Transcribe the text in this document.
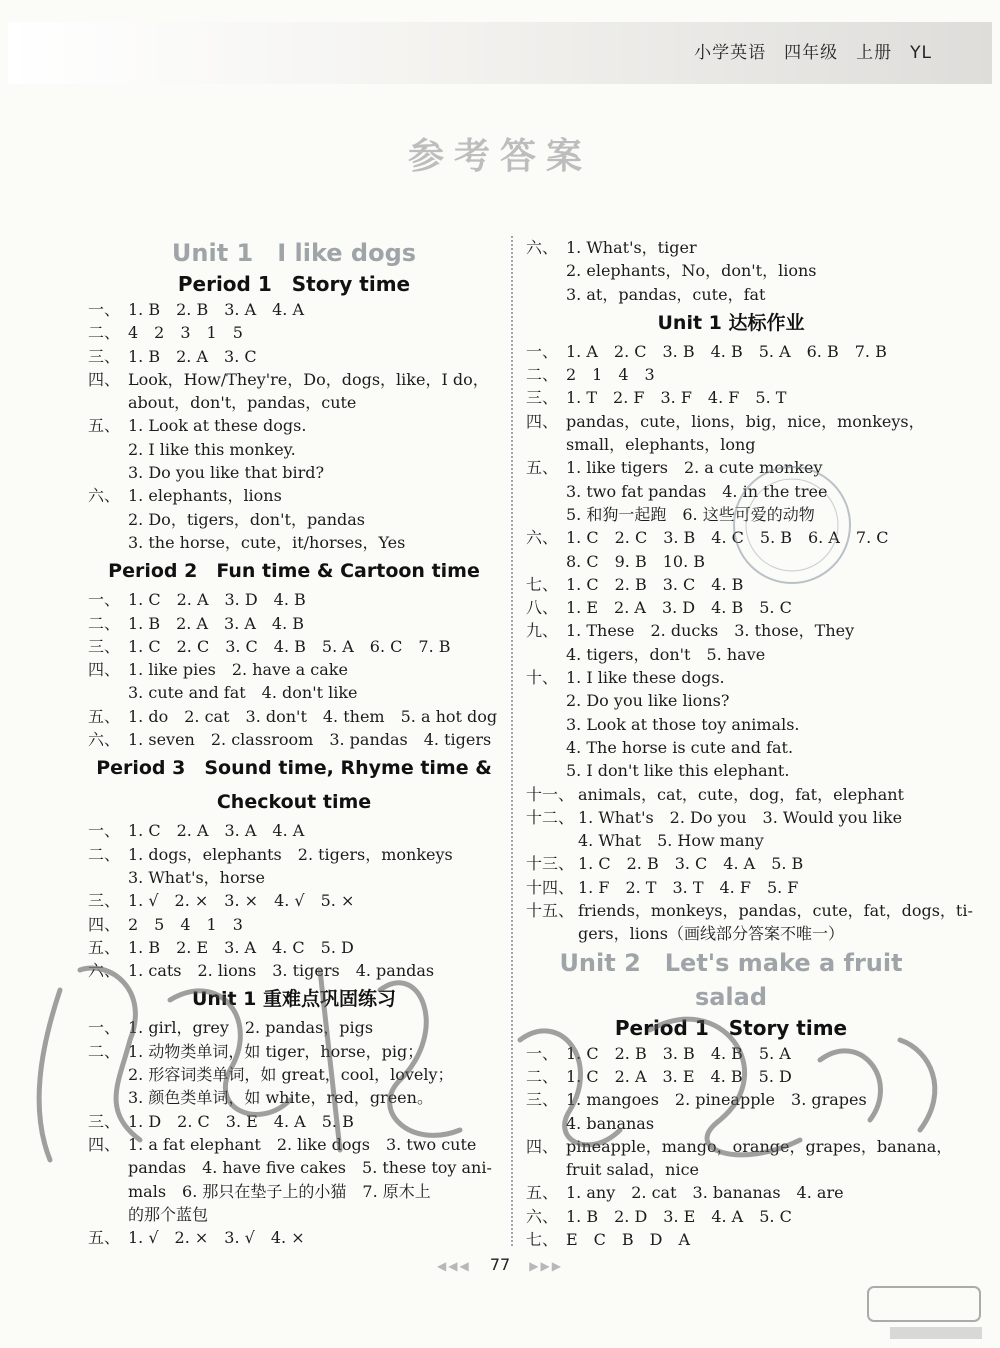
小学英语　四年级　上册　YL
参考答案
Unit 1　I like dogs
Period 1　Story time
一、 1. B　2. B　3. A　4. A
二、 4　2　3　1　5
三、 1. B　2. A　3. C
四、 Look，How/They're，Do，dogs，like，I do，
about，don't，pandas，cute
五、 1. Look at these dogs.
2. I like this monkey.
3. Do you like that bird?
六、 1. elephants，lions
2. Do，tigers，don't，pandas
3. the horse，cute，it/horses，Yes
Period 2　Fun time & Cartoon time
一、 1. C　2. A　3. D　4. B
二、 1. B　2. A　3. A　4. B
三、 1. C　2. C　3. C　4. B　5. A　6. C　7. B
四、 1. like pies　2. have a cake
3. cute and fat　4. don't like
五、 1. do　2. cat　3. don't　4. them　5. a hot dog
六、 1. seven　2. classroom　3. pandas　4. tigers
Period 3　Sound time, Rhyme time &
Checkout time
一、 1. C　2. A　3. A　4. A
二、 1. dogs，elephants　2. tigers，monkeys
3. What's，horse
三、 1. √　2. ×　3. ×　4. √　5. ×
四、 2　5　4　1　3
五、 1. B　2. E　3. A　4. C　5. D
六、 1. cats　2. lions　3. tigers　4. pandas
Unit 1 重难点巩固练习
一、 1. girl，grey　2. pandas，pigs
二、 1. 动物类单词，如 tiger，horse，pig；
2. 形容词类单词，如 great，cool，lovely；
3. 颜色类单词，如 white，red，green。
三、 1. D　2. C　3. E　4. A　5. B
四、 1. a fat elephant　2. like dogs　3. two cute
pandas　4. have five cakes　5. these toy ani-
mals　6. 那只在垫子上的小猫　7. 原木上
的那个蓝包
五、 1. √　2. ×　3. √　4. ×
六、 1. What's，tiger
2. elephants，No，don't，lions
3. at，pandas，cute，fat
Unit 1 达标作业
一、 1. A　2. C　3. B　4. B　5. A　6. B　7. B
二、 2　1　4　3
三、 1. T　2. F　3. F　4. F　5. T
四、 pandas，cute，lions，big，nice，monkeys，
small，elephants，long
五、 1. like tigers　2. a cute monkey
3. two fat pandas　4. in the tree
5. 和狗一起跑　6. 这些可爱的动物
六、 1. C　2. C　3. B　4. C　5. B　6. A　7. C
8. C　9. B　10. B
七、 1. C　2. B　3. C　4. B
八、 1. E　2. A　3. D　4. B　5. C
九、 1. These　2. ducks　3. those，They
4. tigers，don't　5. have
十、 1. I like these dogs.
2. Do you like lions?
3. Look at those toy animals.
4. The horse is cute and fat.
5. I don't like this elephant.
十一、 animals，cat，cute，dog，fat，elephant
十二、 1. What's　2. Do you　3. Would you like
4. What　5. How many
十三、 1. C　2. B　3. C　4. A　5. B
十四、 1. F　2. T　3. T　4. F　5. F
十五、 friends，monkeys，pandas，cute，fat，dogs，ti-
gers，lions（画线部分答案不唯一）
Unit 2　Let's make a fruit salad
Period 1　Story time
一、 1. C　2. B　3. B　4. B　5. A
二、 1. C　2. A　3. E　4. B　5. D
三、 1. mangoes　2. pineapple　3. grapes
4. bananas
四、 pineapple，mango，orange，grapes，banana，
fruit salad，nice
五、 1. any　2. cat　3. bananas　4. are
六、 1. B　2. D　3. E　4. A　5. C
七、 E　C　B　D　A
◀◀◀ 77 ▶▶▶
